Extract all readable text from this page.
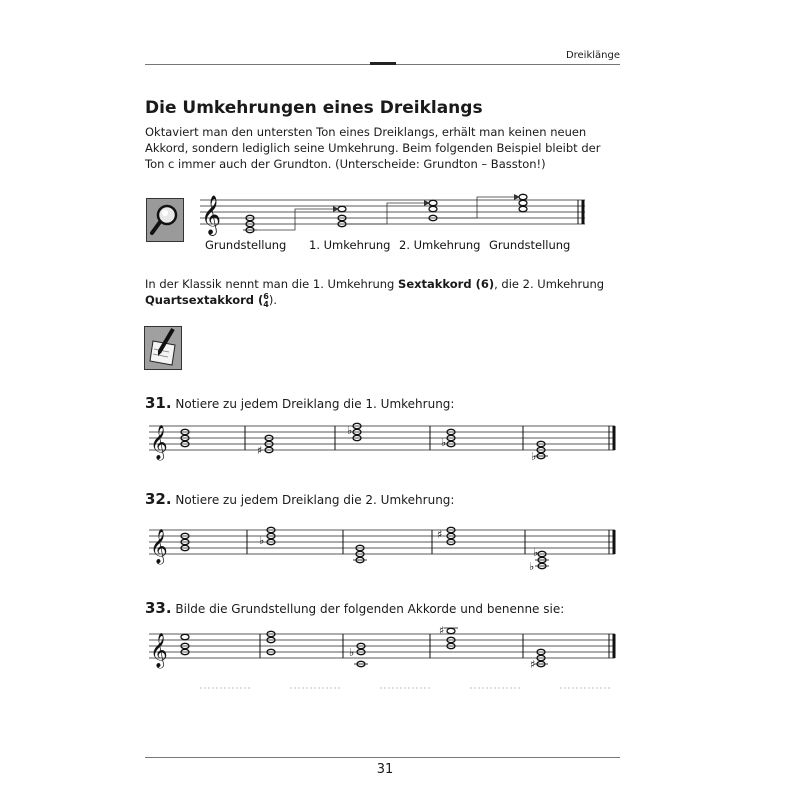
Dreiklänge
Die Umkehrungen eines Dreiklangs
Oktaviert man den untersten Ton eines Dreiklangs, erhält man keinen neuen Akkord, sondern lediglich seine Umkehrung. Beim folgenden Beispiel bleibt der Ton c immer auch der Grundton. (Unterscheide: Grundton – Basston!)
𝄞
Grundstellung 1. Umkehrung 2. Umkehrung Grundstellung
In der Klassik nennt man die 1. Umkehrung Sextakkord (6), die 2. Umkehrung
Quartsextakkord (6
4).
31. Notiere zu jedem Dreiklang die 1. Umkehrung:
𝄞	♯
♭
♭
♭
32. Notiere zu jedem Dreiklang die 2. Umkehrung:
𝄞	♭	♯
♭
♭
33. Bilde die Grundstellung der folgenden Akkorde und benenne sie:
𝄞	♭
♯
♯
31
